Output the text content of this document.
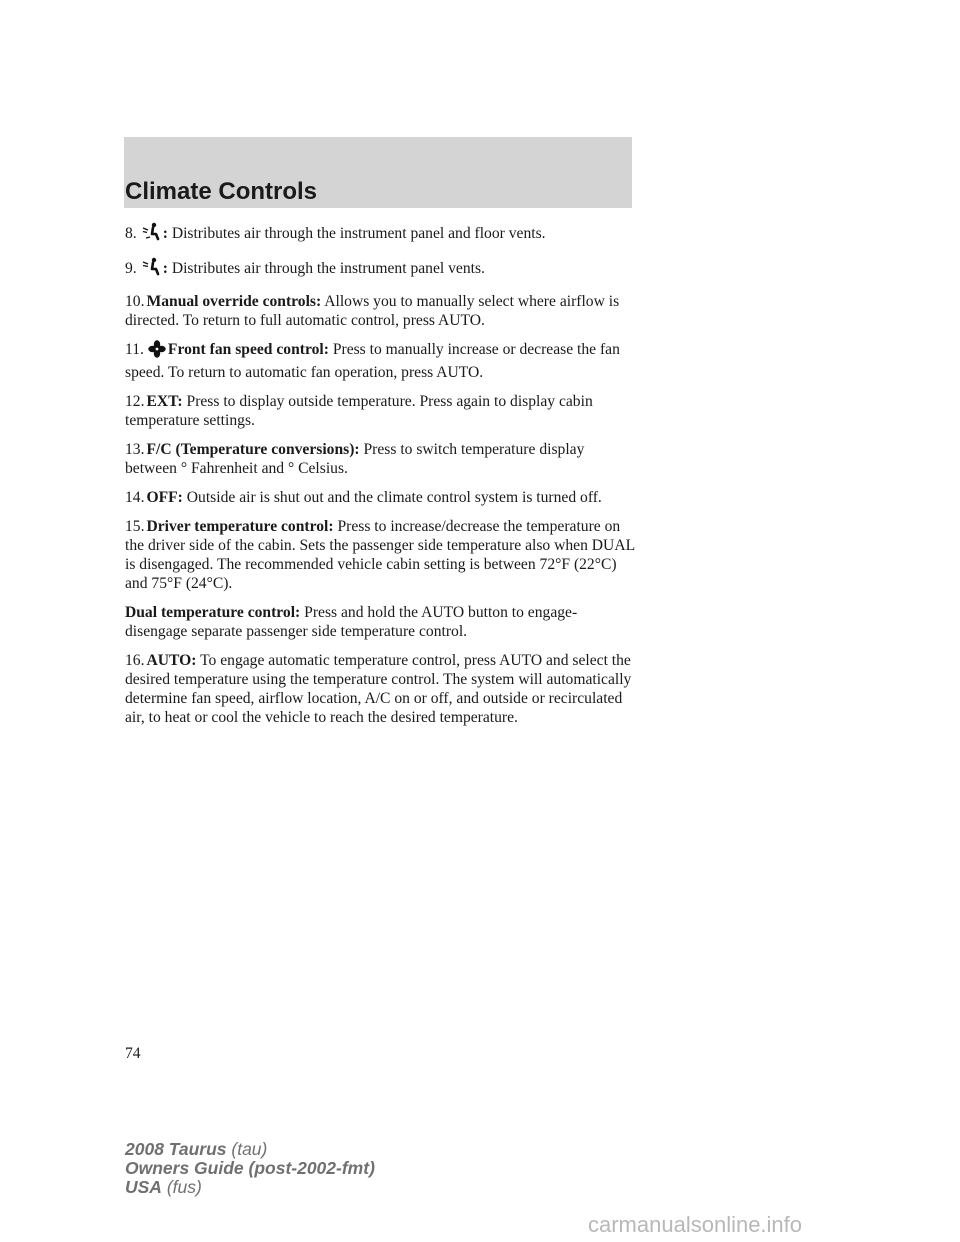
Climate Controls

8. : Distributes air through the instrument panel and floor vents.

9. : Distributes air through the instrument panel vents.

10. Manual override controls: Allows you to manually select where airflow is directed. To return to full automatic control, press AUTO.

11. Front fan speed control: Press to manually increase or decrease the fan speed. To return to automatic fan operation, press AUTO.

12. EXT: Press to display outside temperature. Press again to display cabin temperature settings.

13. F/C (Temperature conversions): Press to switch temperature display between ° Fahrenheit and ° Celsius.

14. OFF: Outside air is shut out and the climate control system is turned off.

15. Driver temperature control: Press to increase/decrease the temperature on the driver side of the cabin. Sets the passenger side temperature also when DUAL is disengaged. The recommended vehicle cabin setting is between 72°F (22°C) and 75°F (24°C).

Dual temperature control: Press and hold the AUTO button to engage-disengage separate passenger side temperature control.

16. AUTO: To engage automatic temperature control, press AUTO and select the desired temperature using the temperature control. The system will automatically determine fan speed, airflow location, A/C on or off, and outside or recirculated air, to heat or cool the vehicle to reach the desired temperature.

74
2008 Taurus (tau)
Owners Guide (post-2002-fmt)
USA (fus)
carmanualsonline.info
